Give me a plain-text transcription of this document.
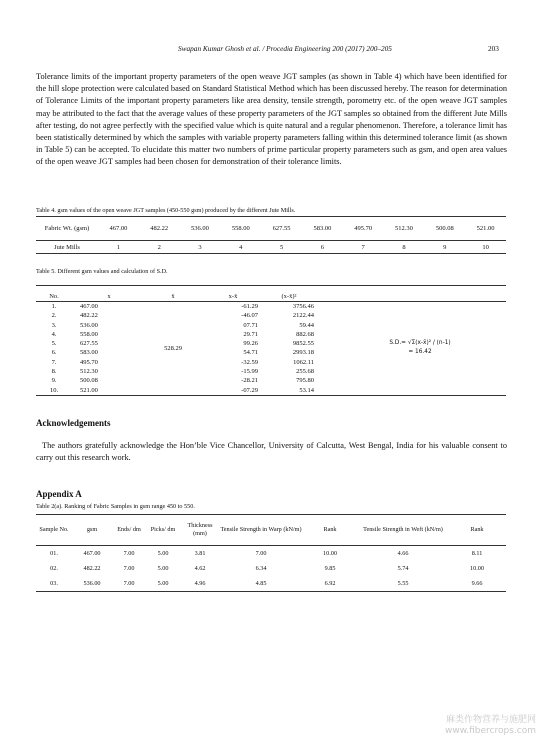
Swapan Kumar Ghosh et al. / Procedia Engineering 200 (2017) 200–205	203

Tolerance limits of the important property parameters of the open weave JGT samples (as shown in Table 4) which have been identified for the hill slope protection were calculated based on Standard Statistical Method which has been discussed hereby. The reason for determination of Tolerance Limits of the important property parameters like area density, tensile strength, porometry etc. of the open weave JGT samples may be attributed to the fact that the average values of these property parameters of the JGT samples so obtained from the different Jute Mills after testing, do not agree perfectly with the specified value which is quite natural and a regular phenomenon. Therefore, a tolerance limit has been statistically determined by which the samples with variable property parameters falling within this determined tolerance limit (as shown in Table 5) can be accepted. To elucidate this matter two numbers of prime particular property parameters such as gsm, and open area values of the open weave JGT samples had been chosen for demonstration of their tolerance limits.

Table 4. gsm values of the open weave JGT samples (450-550 gsm) produced by the different Jute Mills.
Fabric Wt. (gsm)	467.00	482.22	536.00	558.00	627.55	583.00	495.70	512.30	500.08	521.00
Jute Mills	1	2	3	4	5	6	7	8	9	10
Table 5. Different gsm values and calculation of S.D.
No.	x	x̄	x-x̄	(x-x̄)²	
1.	467.00	528.29	-61.29	3756.46	S.D.= √Σ(x-x̄)² / (n-1)
= 16.42

2.	482.22		-46.07	2122.44	
3.	536.00		07.71	59.44	
4.	558.00		29.71	882.68	
5.	627.55		99.26	9852.55	
6.	583.00		54.71	2993.18	
7.	495.70		-32.59	1062.11	
8.	512.30		-15.99	255.68	
9.	500.08		-28.21	795.80	
10.	521.00		-07.29	53.14	
Acknowledgements

The authors gratefully acknowledge the Hon’ble Vice Chancellor, University of Calcutta, West Bengal, India for his valuable consent to carry out this research work.

Appendix A
Table 2(a). Ranking of Fabric Samples in gsm range 450 to 550.
Sample No.	gsm	Ends/ dm	Picks/ dm	Thickness (mm)	Tensile Strength in Warp (kN/m)	Rank	Tensile Strength in Weft (kN/m)	Rank
01.	467.00	7.00	5.00	3.81	7.00	10.00	4.66	8.11
02.	482.22	7.00	5.00	4.62	6.34	9.85	5.74	10.00
03.	536.00	7.00	5.00	4.96	4.85	6.92	5.55	9.66
麻类作物营养与施肥网
www.fibercrops.com
